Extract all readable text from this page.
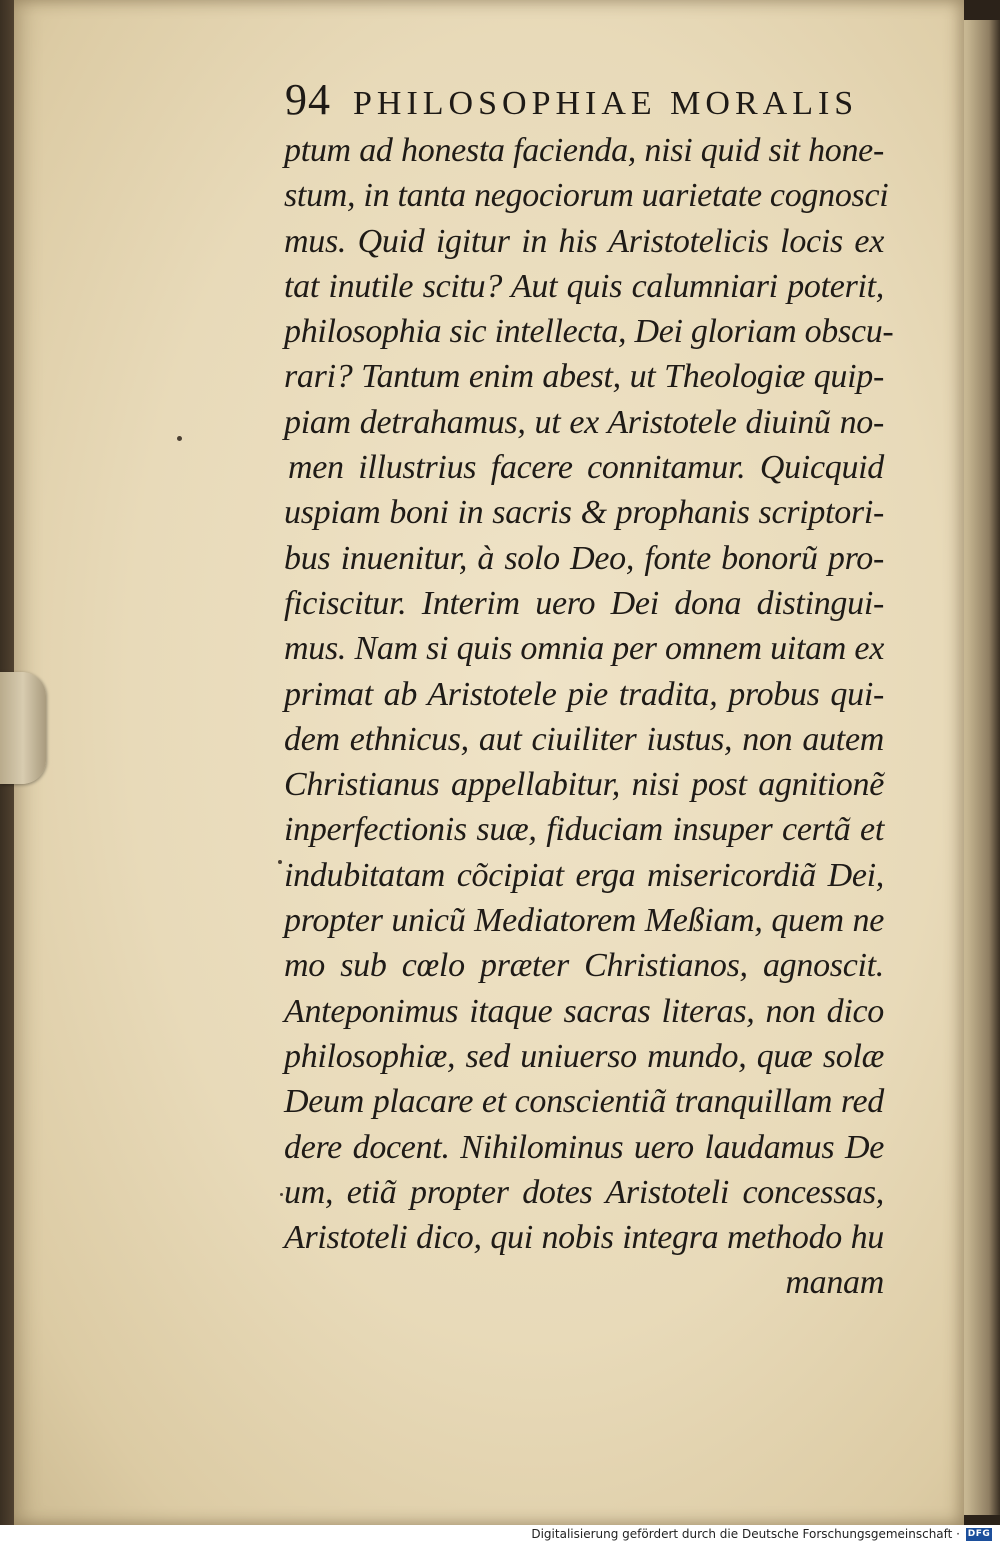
94 PHILOSOPHIAE MORALIS
ptum ad honesta facienda, nisi quid sit hone-
stum, in tanta negociorum uarietate cognosci
mus. Quid igitur in his Aristotelicis locis ex
tat inutile scitu? Aut quis calumniari poterit,
philosophia sic intellecta, Dei gloriam obscu-
rari? Tantum enim abest, ut Theologiæ quip-
piam detrahamus, ut ex Aristotele diuinũ no-
men illustrius facere connitamur. Quicquid
uspiam boni in sacris & prophanis scriptori-
bus inuenitur, à solo Deo, fonte bonorũ pro-
ficiscitur. Interim uero Dei dona distingui-
mus. Nam si quis omnia per omnem uitam ex
primat ab Aristotele pie tradita, probus qui-
dem ethnicus, aut ciuiliter iustus, non autem
Christianus appellabitur, nisi post agnitionẽ
inperfectionis suæ, fiduciam insuper certã et
indubitatam cõcipiat erga misericordiã Dei,
propter unicũ Mediatorem Meßiam, quem ne
mo sub cœlo præter Christianos, agnoscit.
Anteponimus itaque sacras literas, non dico
philosophiæ, sed uniuerso mundo, quæ solæ
Deum placare et conscientiã tranquillam red
dere docent. Nihilominus uero laudamus De
um, etiã propter dotes Aristoteli concessas,
Aristoteli dico, qui nobis integra methodo hu
manam
Digitalisierung gefördert durch die Deutsche Forschungsgemeinschaft · DFG
